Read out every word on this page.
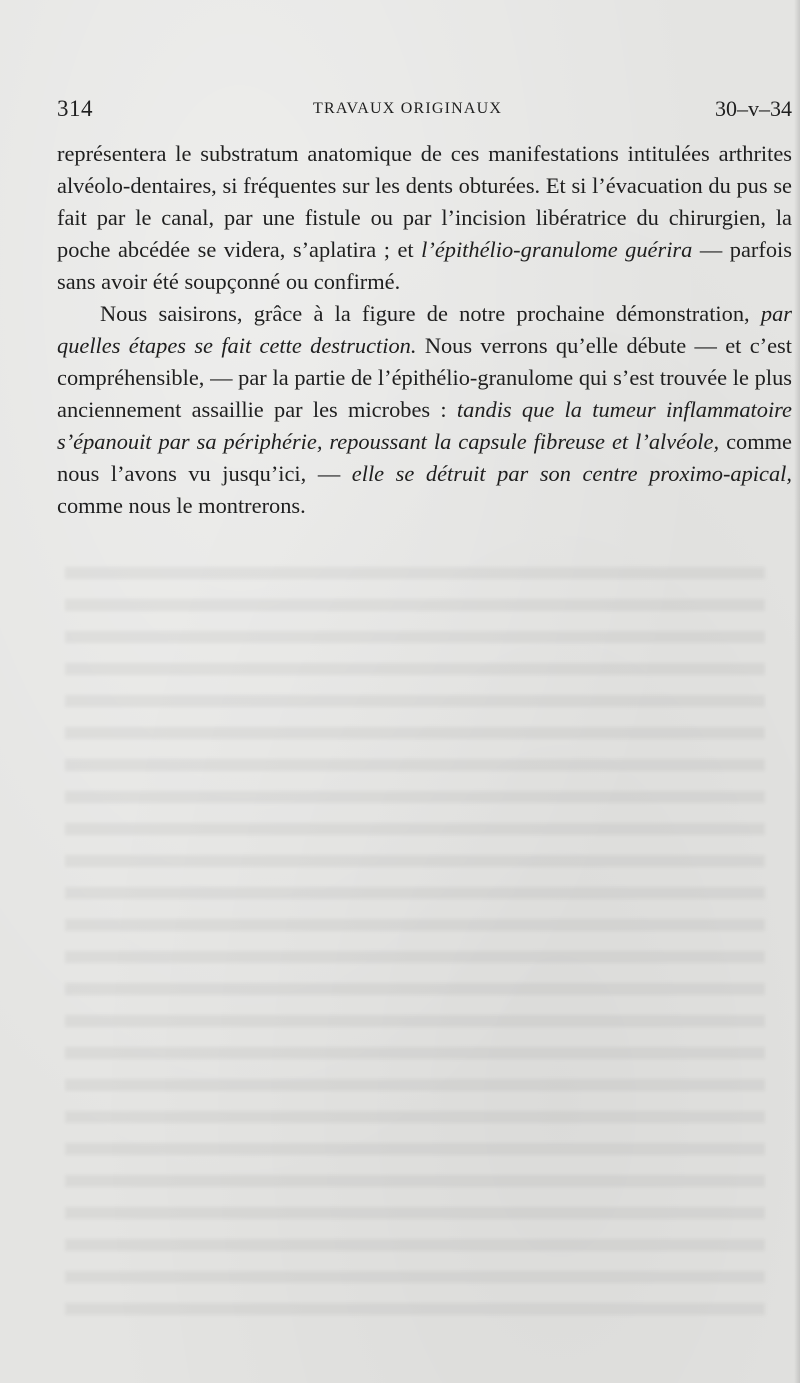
314	TRAVAUX ORIGINAUX	30–v–34

représentera le substratum anatomique de ces manifestations intitulées arthrites alvéolo-dentaires, si fréquentes sur les dents obturées. Et si l’évacuation du pus se fait par le canal, par une fistule ou par l’incision libératrice du chirurgien, la poche abcédée se videra, s’aplatira ; et l’épithélio-granulome guérira — parfois sans avoir été soupçonné ou confirmé.

Nous saisirons, grâce à la figure de notre prochaine démonstration, par quelles étapes se fait cette destruction. Nous verrons qu’elle débute — et c’est compréhensible, — par la partie de l’épithélio-granulome qui s’est trouvée le plus anciennement assaillie par les microbes : tandis que la tumeur inflammatoire s’épanouit par sa périphérie, repoussant la capsule fibreuse et l’alvéole, comme nous l’avons vu jusqu’ici, — elle se détruit par son centre proximo-apical, comme nous le montrerons.
